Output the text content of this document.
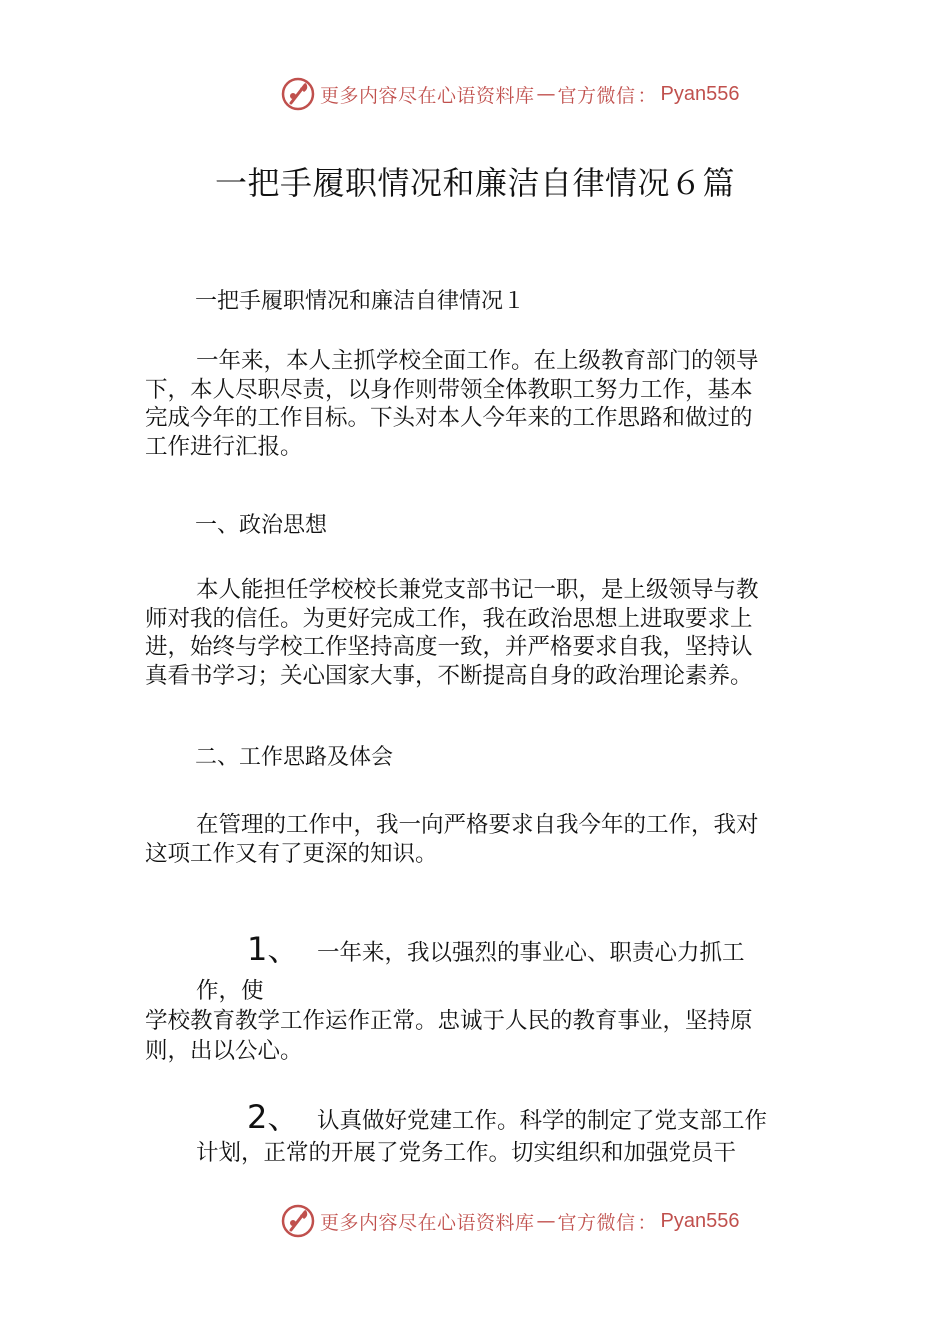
更多内容尽在心语资料库 — 官方微信 ： Pyan556
一把手履职情况和廉洁自律情况６篇
一把手履职情况和廉洁自律情况１
一年来，本人主抓学校全面工作。在上级教育部门的领导
下，本人尽职尽责，以身作则带领全体教职工努力工作，基本
完成今年的工作目标。下头对本人今年来的工作思路和做过的
工作进行汇报。
一、政治思想
本人能担任学校校长兼党支部书记一职，是上级领导与教
师对我的信任。为更好完成工作，我在政治思想上进取要求上
进，始终与学校工作坚持高度一致，并严格要求自我，坚持认
真看书学习；关心国家大事，不断提高自身的政治理论素养。
二、工作思路及体会
在管理的工作中，我一向严格要求自我今年的工作，我对
这项工作又有了更深的知识。
1、 一年来，我以强烈的事业心、职责心力抓工
作，使
学校教育教学工作运作正常。忠诚于人民的教育事业，坚持原
则，出以公心。
2、 认真做好党建工作。科学的制定了党支部工作
计划，正常的开展了党务工作。切实组织和加强党员干
更多内容尽在心语资料库 — 官方微信 ： Pyan556
